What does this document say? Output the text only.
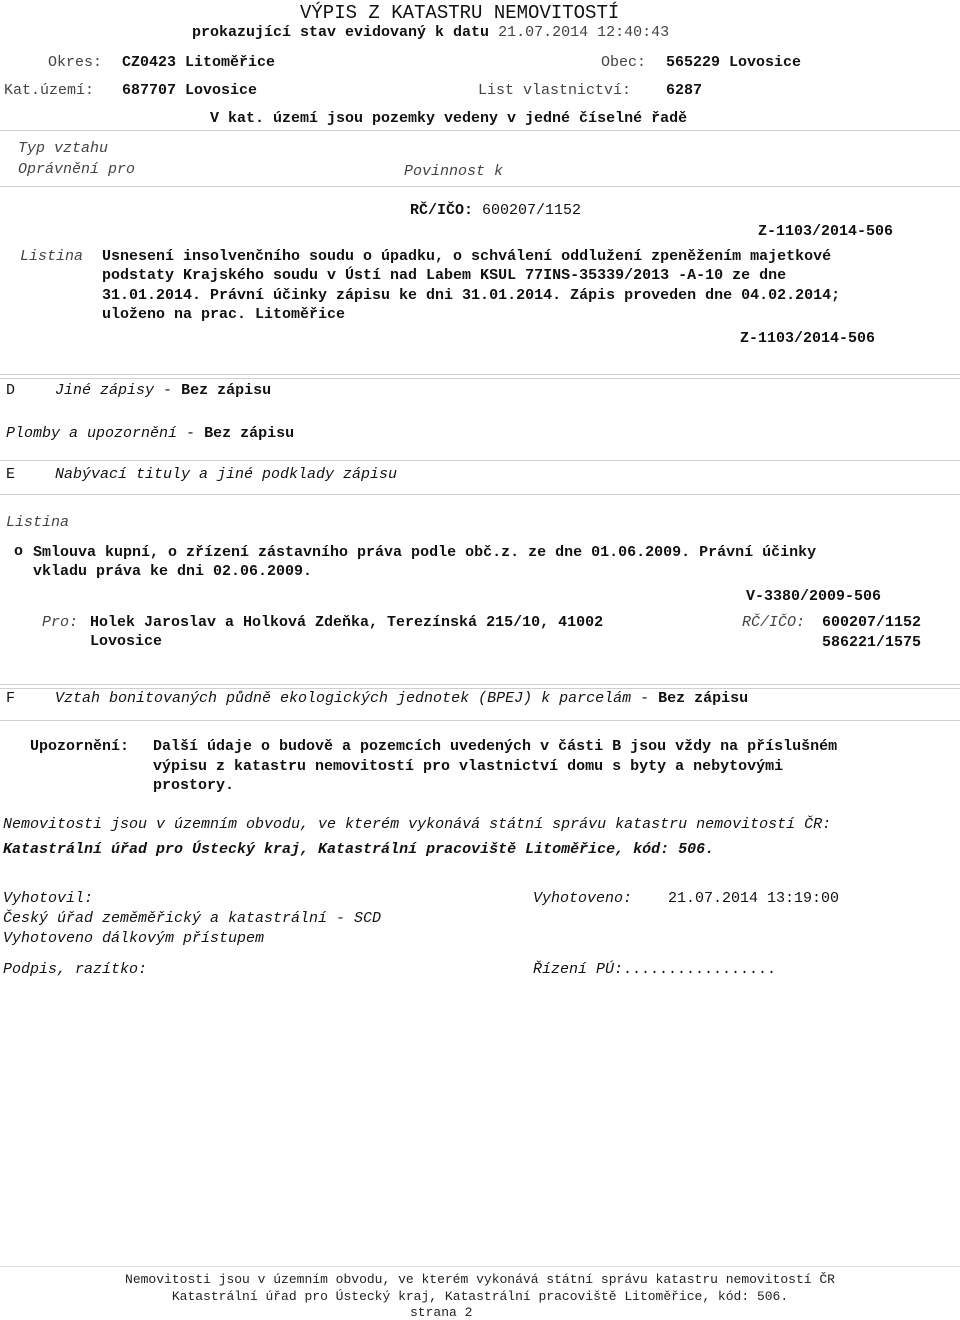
VÝPIS Z KATASTRU NEMOVITOSTÍ
prokazující stav evidovaný k datu 21.07.2014 12:40:43
Okres: CZ0423 Litoměřice	Obec: 565229 Lovosice
Kat.území: 687707 Lovosice	List vlastnictví: 6287
V kat. území jsou pozemky vedeny v jedné číselné řadě
Typ vztahu
Oprávnění pro	Povinnost k
RČ/IČO: 600207/1152
Z-1103/2014-506
Listina Usnesení insolvenčního soudu o úpadku, o schválení oddlužení zpeněžením majetkové
podstaty Krajského soudu v Ústí nad Labem KSUL 77INS-35339/2013 -A-10 ze dne
31.01.2014. Právní účinky zápisu ke dni 31.01.2014. Zápis proveden dne 04.02.2014;
uloženo na prac. Litoměřice
Z-1103/2014-506
D	Jiné zápisy - Bez zápisu
Plomby a upozornění - Bez zápisu
E	Nabývací tituly a jiné podklady zápisu
Listina
o Smlouva kupní, o zřízení zástavního práva podle obč.z. ze dne 01.06.2009. Právní účinky
vkladu práva ke dni 02.06.2009.
V-3380/2009-506
Pro: Holek Jaroslav a Holková Zdeňka, Terezínská 215/10, 41002
Lovosice
RČ/IČO: 600207/1152
586221/1575
F	Vztah bonitovaných půdně ekologických jednotek (BPEJ) k parcelám - Bez zápisu
Upozornění: Další údaje o budově a pozemcích uvedených v části B jsou vždy na příslušném
výpisu z katastru nemovitostí pro vlastnictví domu s byty a nebytovými
prostory.
Nemovitosti jsou v územním obvodu, ve kterém vykonává státní správu katastru nemovitostí ČR:
Katastrální úřad pro Ústecký kraj, Katastrální pracoviště Litoměřice, kód: 506.
Vyhotovil:
Český úřad zeměměřický a katastrální - SCD
Vyhotoveno dálkovým přístupem
Vyhotoveno: 21.07.2014 13:19:00
Podpis, razítko:	Řízení PÚ:.................
Nemovitosti jsou v územním obvodu, ve kterém vykonává státní správu katastru nemovitostí ČR
Katastrální úřad pro Ústecký kraj, Katastrální pracoviště Litoměřice, kód: 506.
strana 2
